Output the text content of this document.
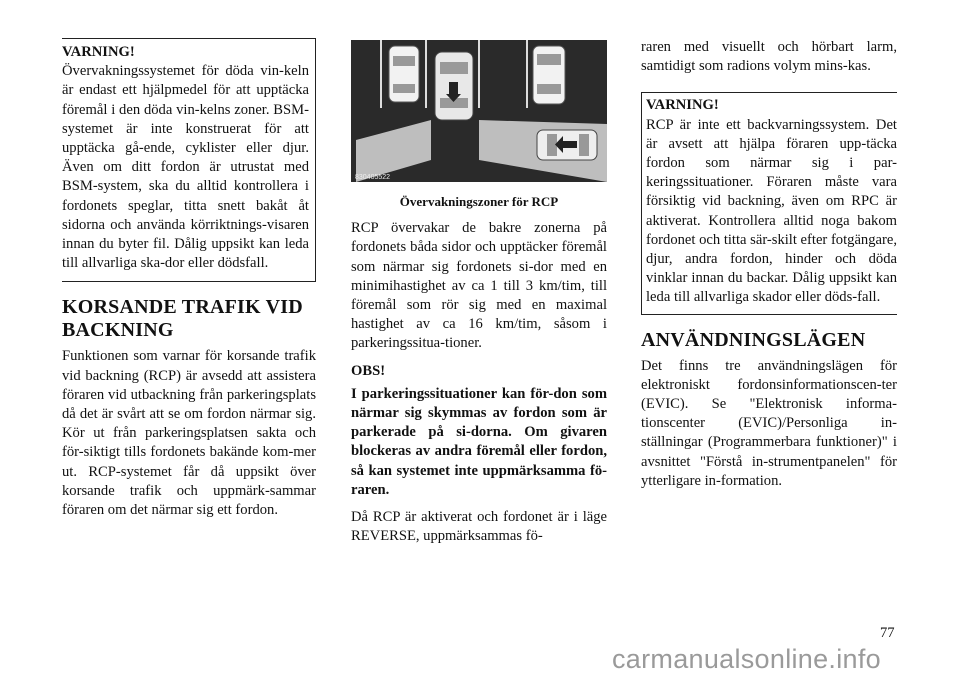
VARNING!

Övervakningssystemet för döda vin-keln är endast ett hjälpmedel för att upptäcka föremål i den döda vin-kelns zoner. BSM-systemet är inte konstruerat för att upptäcka gå-ende, cyklister eller djur. Även om ditt fordon är utrustat med BSM-system, ska du alltid kontrollera i fordonets speglar, titta snett bakåt åt sidorna och använda körriktnings-visaren innan du byter fil. Dålig uppsikt kan leda till allvarliga ska-dor eller dödsfall.

KORSANDE TRAFIK VID BACKNING

Funktionen som varnar för korsande trafik vid backning (RCP) är avsedd att assistera föraren vid utbackning från parkeringsplats då det är svårt att se om fordon närmar sig. Kör ut från parkeringsplatsen sakta och för-siktigt tills fordonets bakände kom-mer ut. RCP-systemet får då uppsikt över korsande trafik och uppmärk-sammar föraren om det närmar sig ett fordon.

830405522
Övervakningszoner för RCP

RCP övervakar de bakre zonerna på fordonets båda sidor och upptäcker föremål som närmar sig fordonets si-dor med en minimihastighet av ca 1 till 3 km/tim, till föremål som rör sig med en maximal hastighet av ca 16 km/tim, såsom i parkeringssitua-tioner.

OBS!

I parkeringssituationer kan för-don som närmar sig skymmas av fordon som är parkerade på si-dorna. Om givaren blockeras av andra föremål eller fordon, så kan systemet inte uppmärksamma fö-raren.

Då RCP är aktiverat och fordonet är i läge REVERSE, uppmärksammas fö-

raren med visuellt och hörbart larm, samtidigt som radions volym mins-kas.

VARNING!

RCP är inte ett backvarningssystem. Det är avsett att hjälpa föraren upp-täcka fordon som närmar sig i par-keringssituationer. Föraren måste vara försiktig vid backning, även om RPC är aktiverat. Kontrollera alltid noga bakom fordonet och titta sär-skilt efter fotgängare, djur, andra fordon, hinder och döda vinklar innan du backar. Dålig uppsikt kan leda till allvarliga skador eller döds-fall.

ANVÄNDNINGSLÄGEN

Det finns tre användningslägen för elektroniskt fordonsinformationscen-ter (EVIC). Se "Elektronisk informa-tionscenter (EVIC)/Personliga in-ställningar (Programmerbara funktioner)" i avsnittet "Förstå in-strumentpanelen" för ytterligare in-formation.

77
carmanualsonline.info
